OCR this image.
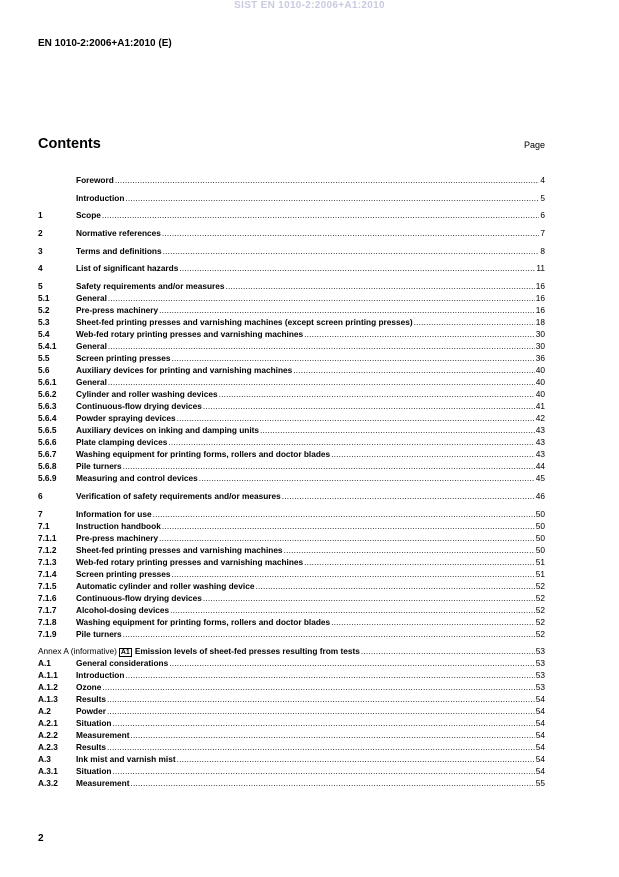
SIST EN 1010-2:2006+A1:2010
EN 1010-2:2006+A1:2010 (E)
Contents	Page
Foreword .....	4
Introduction .....	5
1	Scope .....	6
2	Normative references .....	7
3	Terms and definitions .....	8
4	List of significant hazards .....	11
5	Safety requirements and/or measures .....	16
5.1	General .....	16
5.2	Pre-press machinery .....	16
5.3	Sheet-fed printing presses and varnishing machines (except screen printing presses) .....	18
5.4	Web-fed rotary printing presses and varnishing machines .....	30
5.4.1	General .....	30
5.5	Screen printing presses .....	36
5.6	Auxiliary devices for printing and varnishing machines .....	40
5.6.1	General .....	40
5.6.2	Cylinder and roller washing devices .....	40
5.6.3	Continuous-flow drying devices .....	41
5.6.4	Powder spraying devices .....	42
5.6.5	Auxiliary devices on inking and damping units .....	43
5.6.6	Plate clamping devices .....	43
5.6.7	Washing equipment for printing forms, rollers and doctor blades .....	43
5.6.8	Pile turners .....	44
5.6.9	Measuring and control devices .....	45
6	Verification of safety requirements and/or measures .....	46
7	Information for use .....	50
7.1	Instruction handbook .....	50
7.1.1	Pre-press machinery .....	50
7.1.2	Sheet-fed printing presses and varnishing machines .....	50
7.1.3	Web-fed rotary printing presses and varnishing machines .....	51
7.1.4	Screen printing presses .....	51
7.1.5	Automatic cylinder and roller washing device .....	52
7.1.6	Continuous-flow drying devices .....	52
7.1.7	Alcohol-dosing devices .....	52
7.1.8	Washing equipment for printing forms, rollers and doctor blades .....	52
7.1.9	Pile turners .....	52
Annex A (informative) A1 Emission levels of sheet-fed presses resulting from tests .....	53
A.1	General considerations .....	53
A.1.1	Introduction .....	53
A.1.2	Ozone .....	53
A.1.3	Results .....	54
A.2	Powder .....	54
A.2.1	Situation .....	54
A.2.2	Measurement .....	54
A.2.3	Results .....	54
A.3	Ink mist and varnish mist .....	54
A.3.1	Situation .....	54
A.3.2	Measurement .....	55
2
